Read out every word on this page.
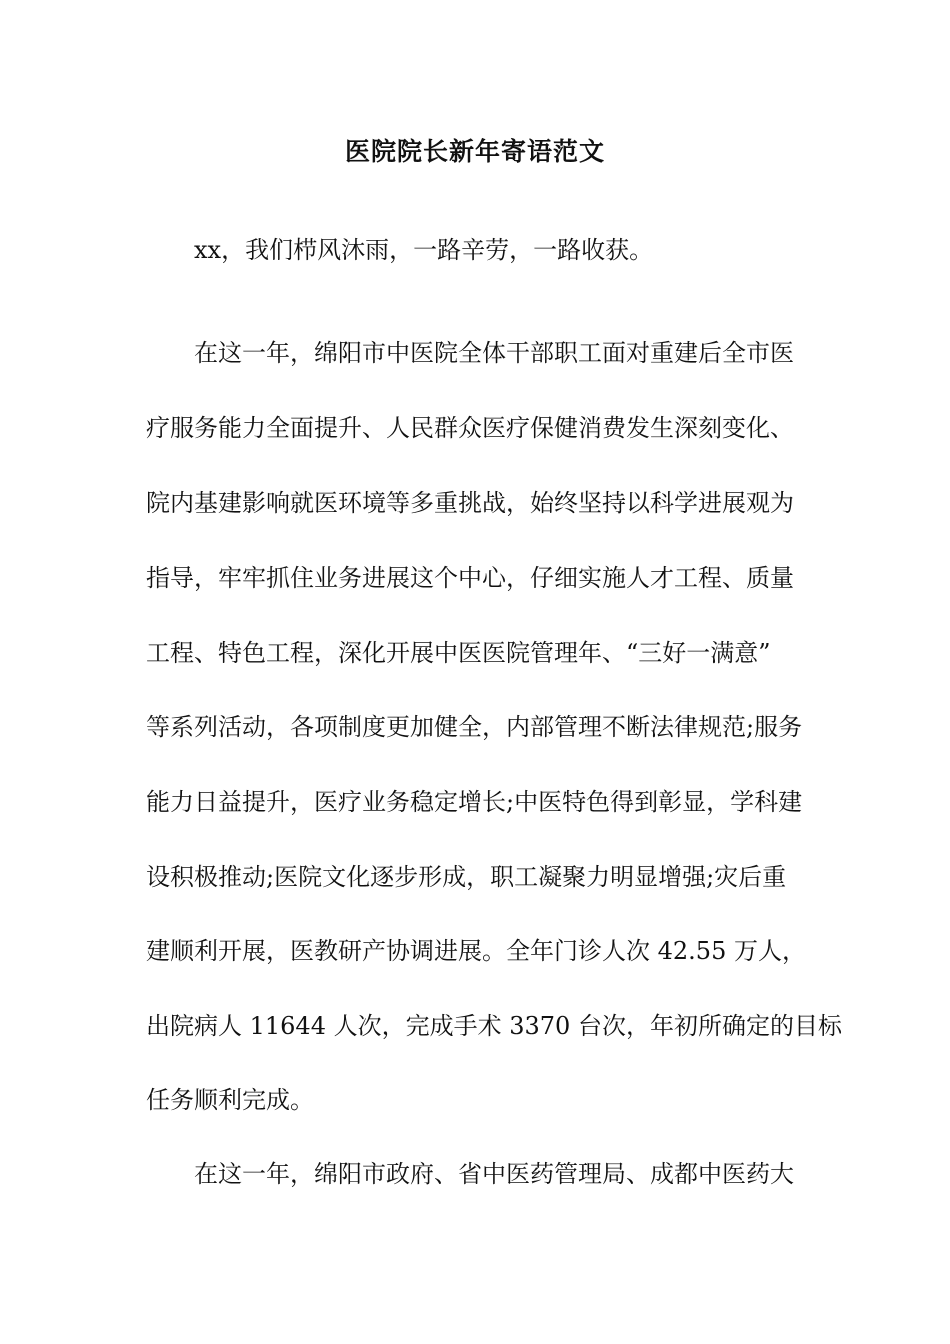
医院院长新年寄语范文

xx，我们栉风沐雨，一路辛劳，一路收获。

在这一年，绵阳市中医院全体干部职工面对重建后全市医

疗服务能力全面提升、人民群众医疗保健消费发生深刻变化、

院内基建影响就医环境等多重挑战，始终坚持以科学进展观为

指导，牢牢抓住业务进展这个中心，仔细实施人才工程、质量

工程、特色工程，深化开展中医医院管理年、“三好一满意”

等系列活动，各项制度更加健全，内部管理不断法律规范;服务

能力日益提升，医疗业务稳定增长;中医特色得到彰显，学科建

设积极推动;医院文化逐步形成，职工凝聚力明显增强;灾后重

建顺利开展，医教研产协调进展。全年门诊人次 42.55 万人，

出院病人 11644 人次，完成手术 3370 台次，年初所确定的目标

任务顺利完成。

在这一年，绵阳市政府、省中医药管理局、成都中医药大
